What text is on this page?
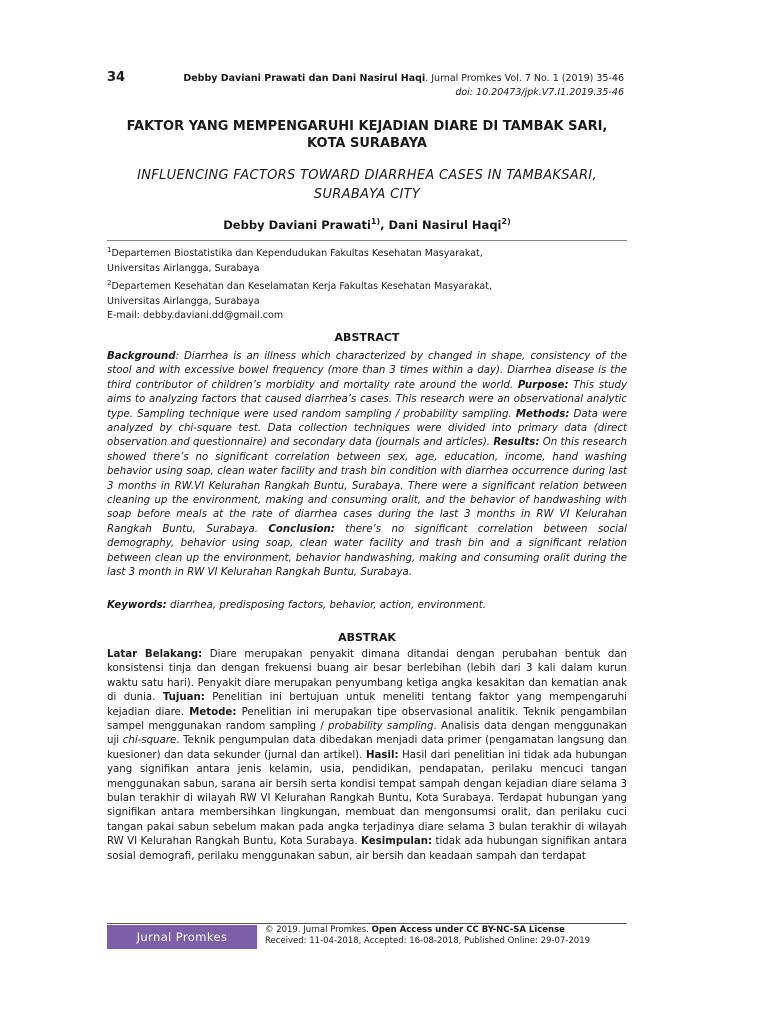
34	Debby Daviani Prawati dan Dani Nasirul Haqi. Jurnal Promkes Vol. 7 No. 1 (2019) 35-46
doi: 10.20473/jpk.V7.I1.2019.35-46
FAKTOR YANG MEMPENGARUHI KEJADIAN DIARE DI TAMBAK SARI, KOTA SURABAYA
INFLUENCING FACTORS TOWARD DIARRHEA CASES IN TAMBAKSARI, SURABAYA CITY
Debby Daviani Prawati$^{1)}$, Dani Nasirul Haqi$^{2)}$
$^1$Departemen Biostatistika dan Kependudukan Fakultas Kesehatan Masyarakat,
Universitas Airlangga, Surabaya
$^2$Departemen Kesehatan dan Keselamatan Kerja Fakultas Kesehatan Masyarakat,
Universitas Airlangga, Surabaya
E-mail: debby.daviani.dd@gmail.com
ABSTRACT
Background: Diarrhea is an illness which characterized by changed in shape, consistency of the stool and with excessive bowel frequency (more than 3 times within a day). Diarrhea disease is the third contributor of children’s morbidity and mortality rate around the world. Purpose: This study aims to analyzing factors that caused diarrhea’s cases. This research were an observational analytic type. Sampling technique were used random sampling / probability sampling. Methods: Data were analyzed by chi-square test. Data collection techniques were divided into primary data (direct observation and questionnaire) and secondary data (journals and articles). Results: On this research showed there’s no significant correlation between sex, age, education, income, hand washing behavior using soap, clean water facility and trash bin condition with diarrhea occurrence during last 3 months in RW.VI Kelurahan Rangkah Buntu, Surabaya. There were a significant relation between cleaning up the environment, making and consuming oralit, and the behavior of handwashing with soap before meals at the rate of diarrhea cases during the last 3 months in RW VI Kelurahan Rangkah Buntu, Surabaya. Conclusion: there’s no significant correlation between social demography, behavior using soap, clean water facility and trash bin and a significant relation between clean up the environment, behavior handwashing, making and consuming oralit during the last 3 month in RW VI Kelurahan Rangkah Buntu, Surabaya.
Keywords: diarrhea, predisposing factors, behavior, action, environment.
ABSTRAK
Latar Belakang: Diare merupakan penyakit dimana ditandai dengan perubahan bentuk dan konsistensi tinja dan dengan frekuensi buang air besar berlebihan (lebih dari 3 kali dalam kurun waktu satu hari). Penyakit diare merupakan penyumbang ketiga angka kesakitan dan kematian anak di dunia. Tujuan: Penelitian ini bertujuan untuk meneliti tentang faktor yang mempengaruhi kejadian diare. Metode: Penelitian ini merupakan tipe observasional analitik. Teknik pengambilan sampel menggunakan random sampling / probability sampling. Analisis data dengan menggunakan uji chi-square. Teknik pengumpulan data dibedakan menjadi data primer (pengamatan langsung dan kuesioner) dan data sekunder (jurnal dan artikel). Hasil: Hasil dari penelitian ini tidak ada hubungan yang signifikan antara jenis kelamin, usia, pendidikan, pendapatan, perilaku mencuci tangan menggunakan sabun, sarana air bersih serta kondisi tempat sampah dengan kejadian diare selama 3 bulan terakhir di wilayah RW VI Kelurahan Rangkah Buntu, Kota Surabaya. Terdapat hubungan yang signifikan antara membersihkan lingkungan, membuat dan mengonsumsi oralit, dan perilaku cuci tangan pakai sabun sebelum makan pada angka terjadinya diare selama 3 bulan terakhir di wilayah RW VI Kelurahan Rangkah Buntu, Kota Surabaya. Kesimpulan: tidak ada hubungan signifikan antara sosial demografi, perilaku menggunakan sabun, air bersih dan keadaan sampah dan terdapat
Jurnal Promkes	© 2019. Jurnal Promkes. Open Access under CC BY-NC-SA License
Received: 11-04-2018, Accepted: 16-08-2018, Published Online: 29-07-2019
